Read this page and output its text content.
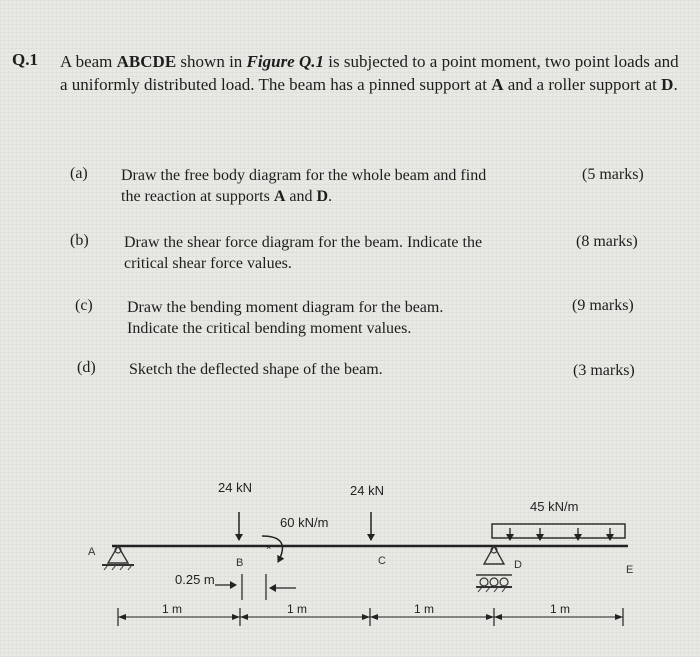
Q.1 A beam ABCDE shown in Figure Q.1 is subjected to a point moment, two point loads and a uniformly distributed load. The beam has a pinned support at A and a roller support at D.
(a) Draw the free body diagram for the whole beam and find
the reaction at supports A and D.
(5 marks)
(b) Draw the shear force diagram for the beam. Indicate the
critical shear force values.
(8 marks)
(c) Draw the bending moment diagram for the beam.
Indicate the critical bending moment values.
(9 marks)
(d) Sketch the deflected shape of the beam.	(3 marks)
A
24 kN
B
×
60 kN/m
24 kN
C
45 kN/m
D	E
0.25 m
1 m	1 m	1 m	1 m
